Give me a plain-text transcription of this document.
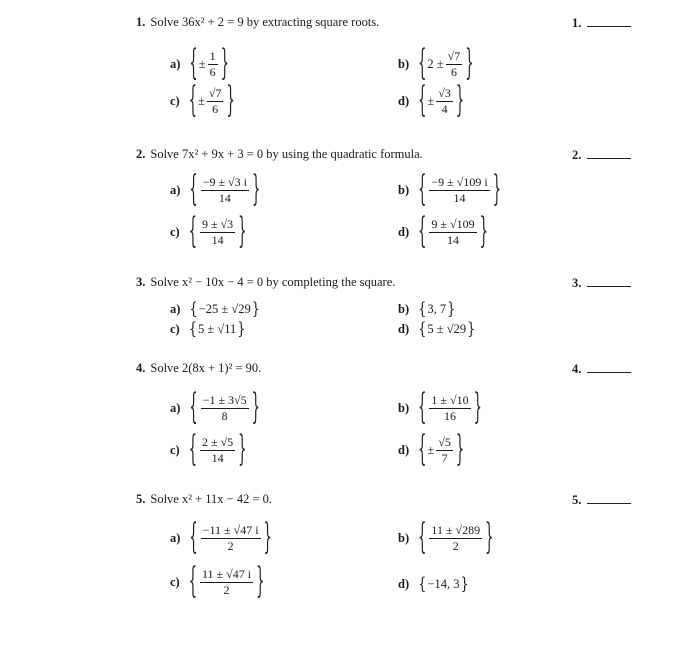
1. Solve 36x² + 2 = 9 by extracting square roots.	1.
a) { ± $\frac{1}{6}$ }	b) { $2 \pm \frac{√7}{6}$ }
c) { ± $\frac{√7}{6}$ }	d) { ± $\frac{√3}{4}$ }
2. Solve 7x² + 9x + 3 = 0 by using the quadratic formula.	2.
a) { $\frac{-9 \pm √3 i}{14}$ }	b) { $\frac{-9 \pm √109 i}{14}$ }
c) { $\frac{9 \pm √3}{14}$ }	d) { $\frac{9 \pm √109}{14}$ }
3. Solve x² − 10x − 4 = 0 by completing the square.	3.
a) { −25 ± √29 }	b) { 3, 7 }
c) { 5 ± √11 }	d) { 5 ± √29 }
4. Solve 2(8x + 1)² = 90.	4.
a) { $\frac{-1 \pm 3√5}{8}$ }	b) { $\frac{1 \pm √10}{16}$ }
c) { $\frac{2 \pm √5}{14}$ }	d) { ± $\frac{√5}{7}$ }
5. Solve x² + 11x − 42 = 0.	5.
a) { $\frac{-11 \pm √47 i}{2}$ }	b) { $\frac{11 \pm √289}{2}$ }
c) { $\frac{11 \pm √47 i}{2}$ }	d) { −14, 3 }
